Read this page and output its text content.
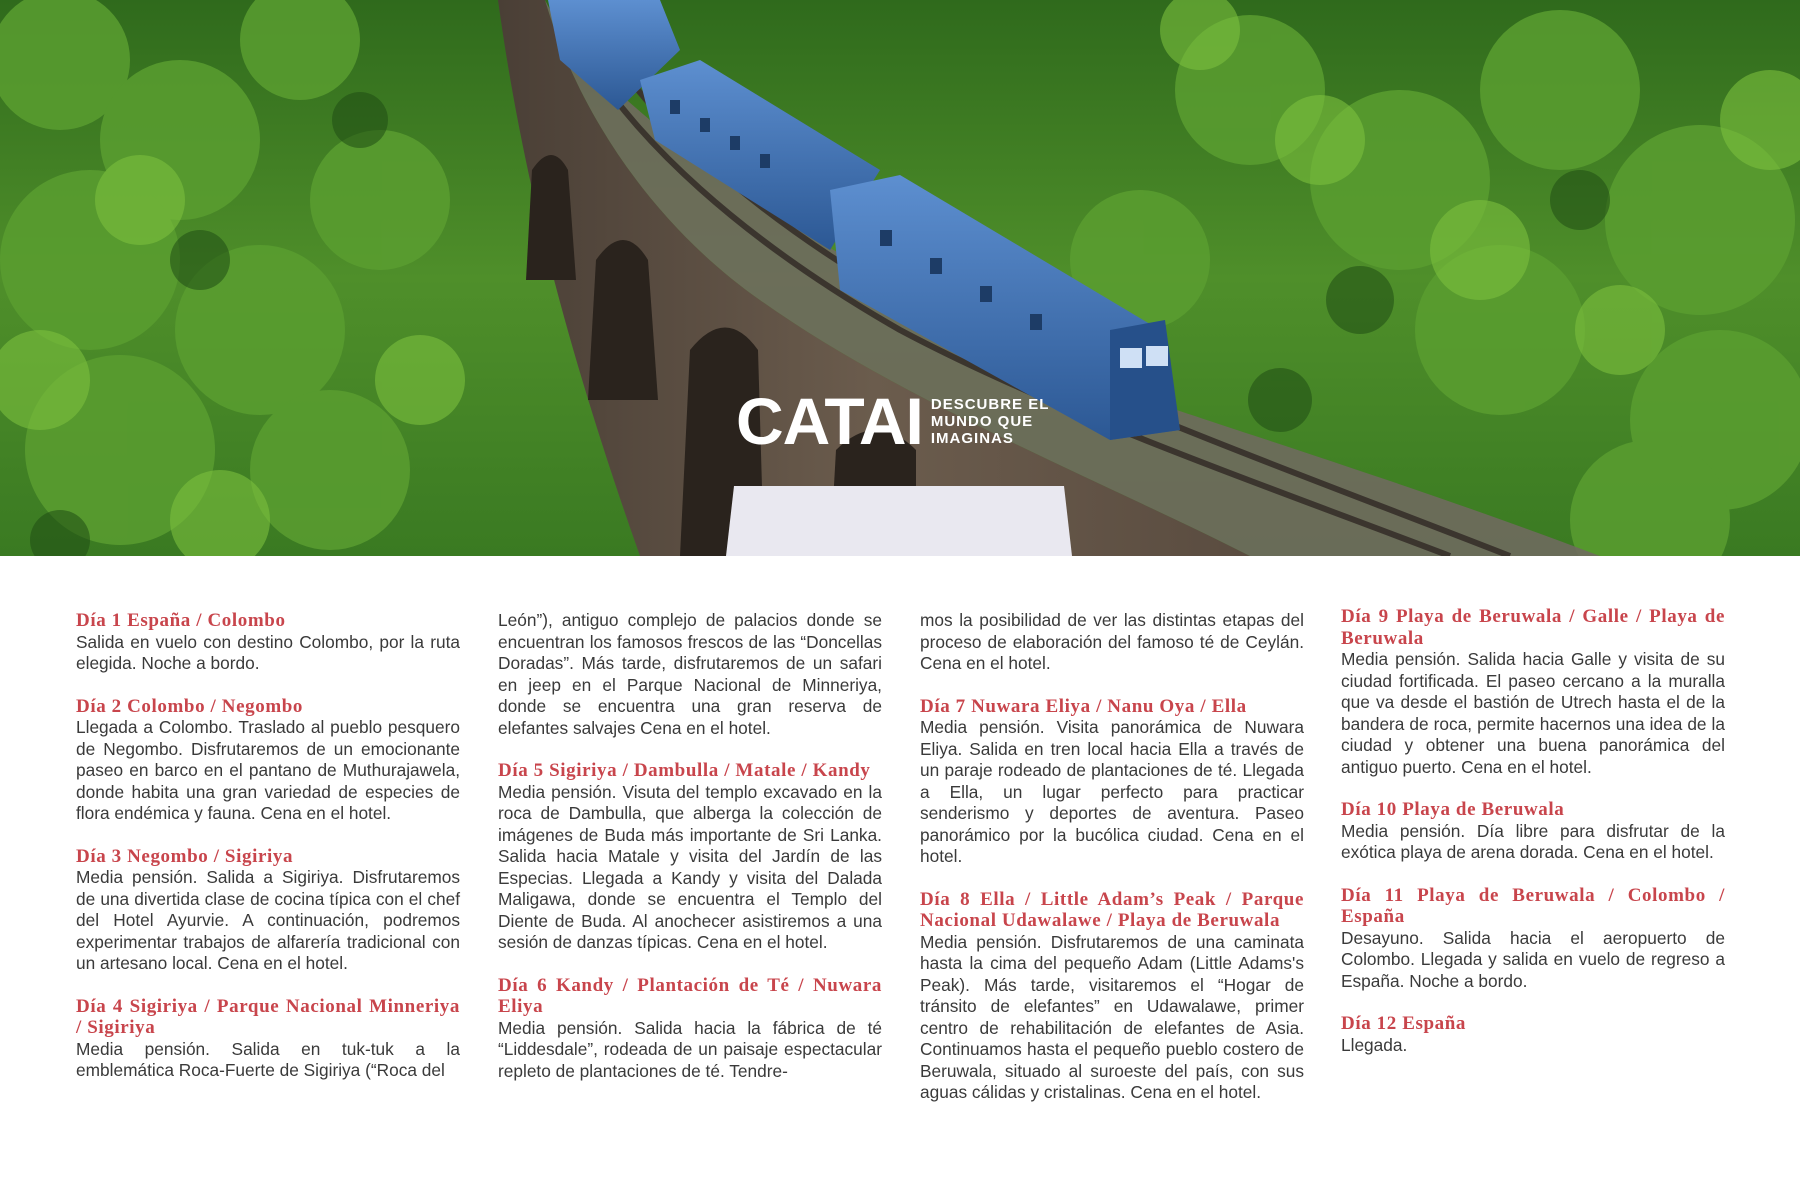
CATAI DESCUBRE EL
MUNDO QUE
IMAGINAS
Día 1 España / Colombo
Salida en vuelo con destino Colombo, por la ruta elegida. Noche a bordo.
Día 2 Colombo / Negombo
Llegada a Colombo. Traslado al pueblo pesquero de Negombo. Disfrutaremos de un emocionante paseo en barco en el pantano de Muthurajawela, donde habita una gran variedad de especies de flora endémica y fauna. Cena en el hotel.
Día 3 Negombo / Sigiriya
Media pensión. Salida a Sigiriya. Disfrutaremos de una divertida clase de cocina típica con el chef del Hotel Ayurvie. A continuación, podremos experimentar trabajos de alfarería tradicional con un artesano local. Cena en el hotel.
Día 4 Sigiriya / Parque Nacional Minneriya / Sigiriya
Media pensión. Salida en tuk-tuk a la emblemática Roca-Fuerte de Sigiriya (“Roca del
León”), antiguo complejo de palacios donde se encuentran los famosos frescos de las “Doncellas Doradas”. Más tarde, disfrutaremos de un safari en jeep en el Parque Nacional de Minneriya, donde se encuentra una gran reserva de elefantes salvajes Cena en el hotel.
Día 5 Sigiriya / Dambulla / Matale / Kandy
Media pensión. Visuta del templo excavado en la roca de Dambulla, que alberga la colección de imágenes de Buda más importante de Sri Lanka. Salida hacia Matale y visita del Jardín de las Especias. Llegada a Kandy y visita del Dalada Maligawa, donde se encuentra el Templo del Diente de Buda. Al anochecer asistiremos a una sesión de danzas típicas. Cena en el hotel.
Día 6 Kandy / Plantación de Té / Nuwara Eliya
Media pensión. Salida hacia la fábrica de té “Liddesdale”, rodeada de un paisaje espectacular repleto de plantaciones de té. Tendre-
mos la posibilidad de ver las distintas etapas del proceso de elaboración del famoso té de Ceylán. Cena en el hotel.
Día 7 Nuwara Eliya / Nanu Oya / Ella
Media pensión. Visita panorámica de Nuwara Eliya. Salida en tren local hacia Ella a través de un paraje rodeado de plantaciones de té. Llegada a Ella, un lugar perfecto para practicar senderismo y deportes de aventura. Paseo panorámico por la bucólica ciudad. Cena en el hotel.
Día 8 Ella / Little Adam’s Peak / Parque Nacional Udawalawe / Playa de Beruwala
Media pensión. Disfrutaremos de una caminata hasta la cima del pequeño Adam (Little Adams's Peak). Más tarde, visitaremos el “Hogar de tránsito de elefantes” en Udawalawe, primer centro de rehabilitación de elefantes de Asia. Continuamos hasta el pequeño pueblo costero de Beruwala, situado al suroeste del país, con sus aguas cálidas y cristalinas. Cena en el hotel.
Día 9 Playa de Beruwala / Galle / Playa de Beruwala
Media pensión. Salida hacia Galle y visita de su ciudad fortificada. El paseo cercano a la muralla que va desde el bastión de Utrech hasta el de la bandera de roca, permite hacernos una idea de la ciudad y obtener una buena panorámica del antiguo puerto. Cena en el hotel.
Día 10 Playa de Beruwala
Media pensión. Día libre para disfrutar de la exótica playa de arena dorada. Cena en el hotel.
Día 11 Playa de Beruwala / Colombo / España
Desayuno. Salida hacia el aeropuerto de Colombo. Llegada y salida en vuelo de regreso a España. Noche a bordo.
Día 12 España
Llegada.
